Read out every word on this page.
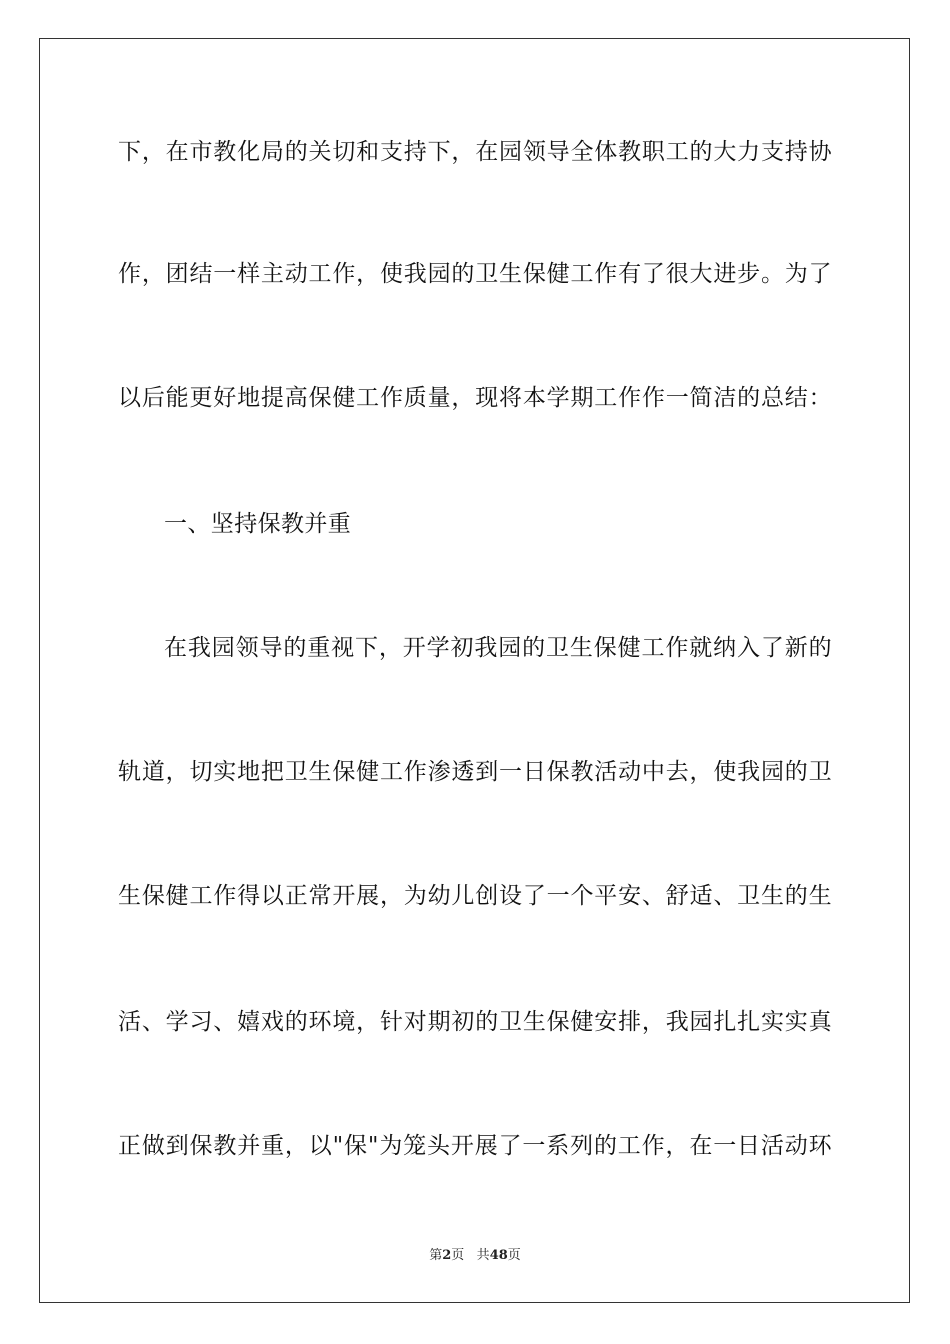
下，在市教化局的关切和支持下，在园领导全体教职工的大力支持协
作，团结一样主动工作，使我园的卫生保健工作有了很大进步。为了
以后能更好地提高保健工作质量，现将本学期工作作一简洁的总结：
一、坚持保教并重
在我园领导的重视下，开学初我园的卫生保健工作就纳入了新的
轨道，切实地把卫生保健工作渗透到一日保教活动中去，使我园的卫
生保健工作得以正常开展，为幼儿创设了一个平安、舒适、卫生的生
活、学习、嬉戏的环境，针对期初的卫生保健安排，我园扎扎实实真
正做到保教并重，以"保"为笼头开展了一系列的工作，在一日活动环
第2页 共48页
